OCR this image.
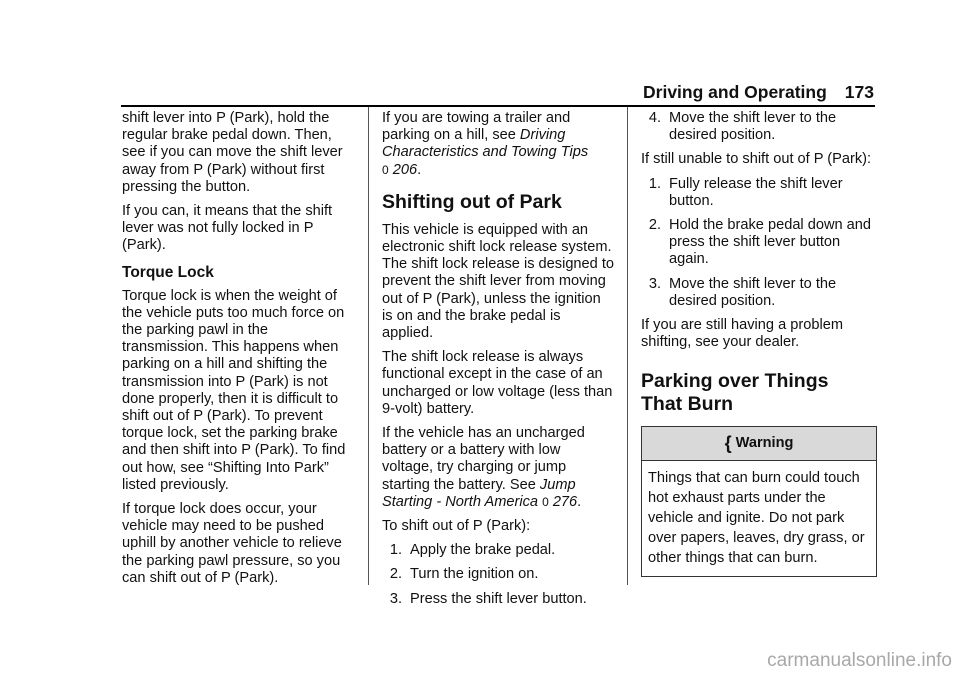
Driving and Operating 173

shift lever into P (Park), hold the regular brake pedal down. Then, see if you can move the shift lever away from P (Park) without first pressing the button.

If you can, it means that the shift lever was not fully locked in P (Park).

Torque Lock

Torque lock is when the weight of the vehicle puts too much force on the parking pawl in the transmission. This happens when parking on a hill and shifting the transmission into P (Park) is not done properly, then it is difficult to shift out of P (Park). To prevent torque lock, set the parking brake and then shift into P (Park). To find out how, see “Shifting Into Park” listed previously.

If torque lock does occur, your vehicle may need to be pushed uphill by another vehicle to relieve the parking pawl pressure, so you can shift out of P (Park).

If you are towing a trailer and parking on a hill, see Driving Characteristics and Towing Tips
0 206.

Shifting out of Park

This vehicle is equipped with an electronic shift lock release system. The shift lock release is designed to prevent the shift lever from moving out of P (Park), unless the ignition is on and the brake pedal is applied.

The shift lock release is always functional except in the case of an uncharged or low voltage (less than 9-volt) battery.

If the vehicle has an uncharged battery or a battery with low voltage, try charging or jump starting the battery. See Jump Starting - North America 0 276.

To shift out of P (Park):

1. Apply the brake pedal.
2. Turn the ignition on.
3. Press the shift lever button.
4. Move the shift lever to the desired position.

If still unable to shift out of P (Park):

1. Fully release the shift lever button.
2. Hold the brake pedal down and press the shift lever button again.
3. Move the shift lever to the desired position.

If you are still having a problem shifting, see your dealer.

Parking over Things
That Burn
{ Warning
Things that can burn could touch hot exhaust parts under the vehicle and ignite. Do not park over papers, leaves, dry grass, or other things that can burn.
carmanualsonline.info
